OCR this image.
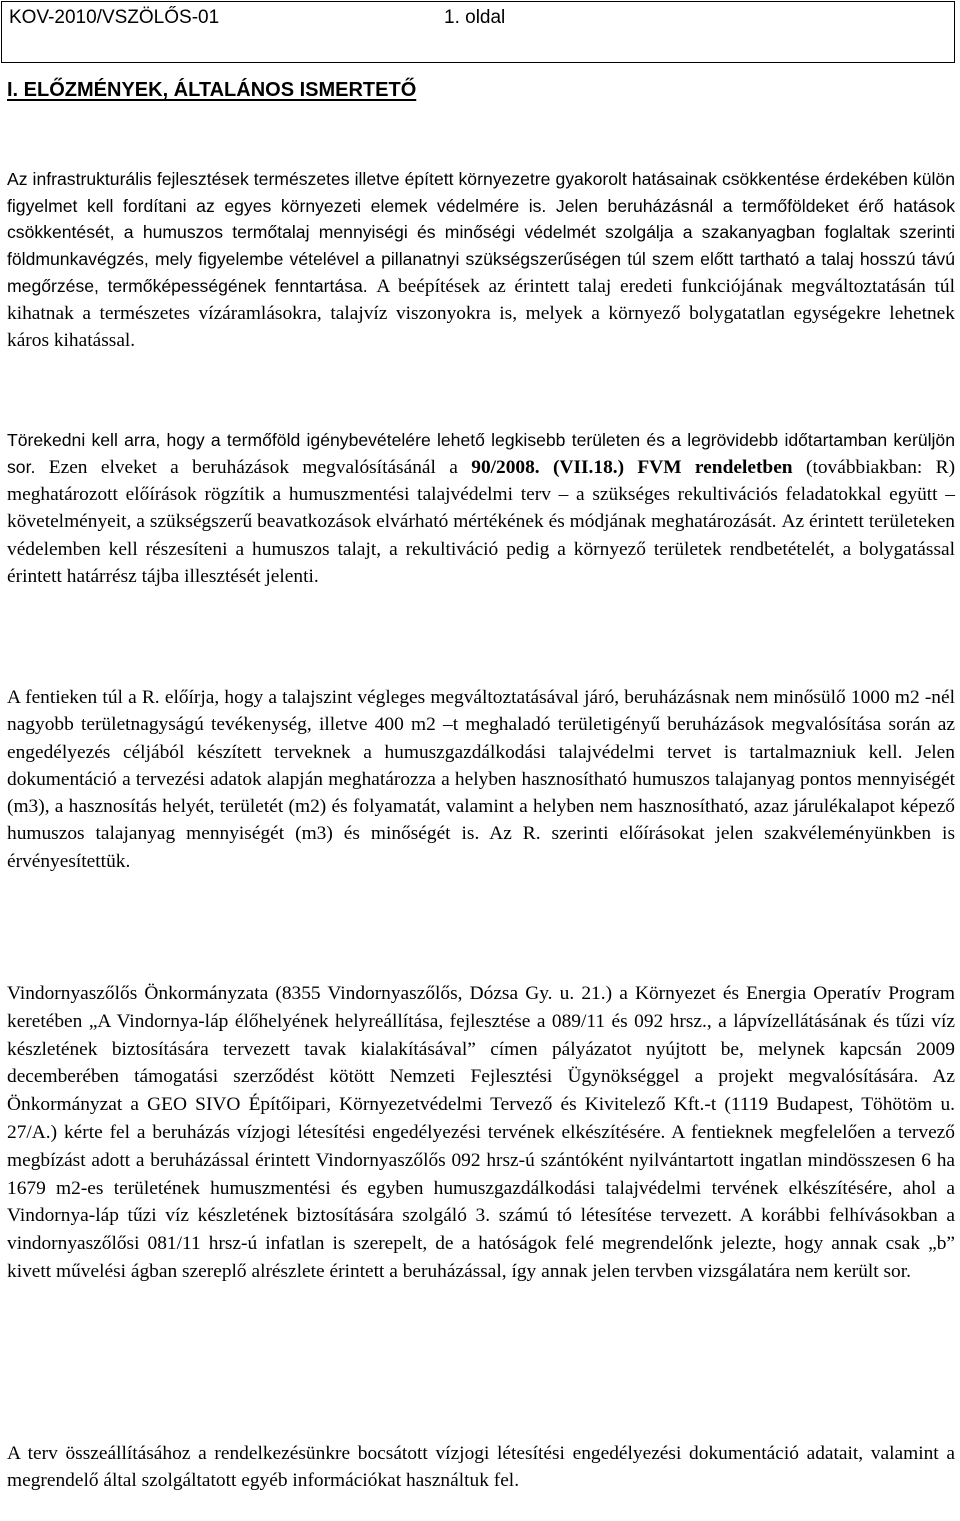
KOV-2010/VSZÖLŐS-01	1. oldal
I. ELŐZMÉNYEK, ÁLTALÁNOS ISMERTETŐ

Az infrastrukturális fejlesztések természetes illetve épített környezetre gyakorolt hatásainak csökkentése érdekében külön figyelmet kell fordítani az egyes környezeti elemek védelmére is. Jelen beruházásnál a termőföldeket érő hatások csökkentését, a humuszos termőtalaj mennyiségi és minőségi védelmét szolgálja a szakanyagban foglaltak szerinti földmunkavégzés, mely figyelembe vételével a pillanatnyi szükségszerűségen túl szem előtt tartható a talaj hosszú távú megőrzése, termőképességének fenntartása. A beépítések az érintett talaj eredeti funkciójának megváltoztatásán túl kihatnak a természetes vízáramlásokra, talajvíz viszonyokra is, melyek a környező bolygatatlan egységekre lehetnek káros kihatással.

Törekedni kell arra, hogy a termőföld igénybevételére lehető legkisebb területen és a legrövidebb időtartamban kerüljön sor. Ezen elveket a beruházások megvalósításánál a 90/2008. (VII.18.) FVM rendeletben (továbbiakban: R) meghatározott előírások rögzítik a humuszmentési talajvédelmi terv – a szükséges rekultivációs feladatokkal együtt – követelményeit, a szükségszerű beavatkozások elvárható mértékének és módjának meghatározását. Az érintett területeken védelemben kell részesíteni a humuszos talajt, a rekultiváció pedig a környező területek rendbetételét, a bolygatással érintett határrész tájba illesztését jelenti.

A fentieken túl a R. előírja, hogy a talajszint végleges megváltoztatásával járó, beruházásnak nem minősülő 1000 m2 -nél nagyobb területnagyságú tevékenység, illetve 400 m2 –t meghaladó területigényű beruházások megvalósítása során az engedélyezés céljából készített terveknek a humuszgazdálkodási talajvédelmi tervet is tartalmazniuk kell. Jelen dokumentáció a tervezési adatok alapján meghatározza a helyben hasznosítható humuszos talajanyag pontos mennyiségét (m3), a hasznosítás helyét, területét (m2) és folyamatát, valamint a helyben nem hasznosítható, azaz járulékalapot képező humuszos talajanyag mennyiségét (m3) és minőségét is. Az R. szerinti előírásokat jelen szakvéleményünkben is érvényesítettük.

Vindornyaszőlős Önkormányzata (8355 Vindornyaszőlős, Dózsa Gy. u. 21.) a Környezet és Energia Operatív Program keretében „A Vindornya-láp élőhelyének helyreállítása, fejlesztése a 089/11 és 092 hrsz., a lápvízellátásának és tűzi víz készletének biztosítására tervezett tavak kialakításával” címen pályázatot nyújtott be, melynek kapcsán 2009 decemberében támogatási szerződést kötött Nemzeti Fejlesztési Ügynökséggel a projekt megvalósítására. Az Önkormányzat a GEO SIVO Építőipari, Környezetvédelmi Tervező és Kivitelező Kft.-t (1119 Budapest, Töhötöm u. 27/A.) kérte fel a beruházás vízjogi létesítési engedélyezési tervének elkészítésére. A fentieknek megfelelően a tervező megbízást adott a beruházással érintett Vindornyaszőlős 092 hrsz-ú szántóként nyilvántartott ingatlan mindösszesen 6 ha 1679 m2-es területének humuszmentési és egyben humuszgazdálkodási talajvédelmi tervének elkészítésére, ahol a Vindornya-láp tűzi víz készletének biztosítására szolgáló 3. számú tó létesítése tervezett. A korábbi felhívásokban a vindornyaszőlősi 081/11 hrsz-ú infatlan is szerepelt, de a hatóságok felé megrendelőnk jelezte, hogy annak csak „b” kivett művelési ágban szereplő alrészlete érintett a beruházással, így annak jelen tervben vizsgálatára nem került sor.

A terv összeállításához a rendelkezésünkre bocsátott vízjogi létesítési engedélyezési dokumentáció adatait, valamint a megrendelő által szolgáltatott egyéb információkat használtuk fel.
